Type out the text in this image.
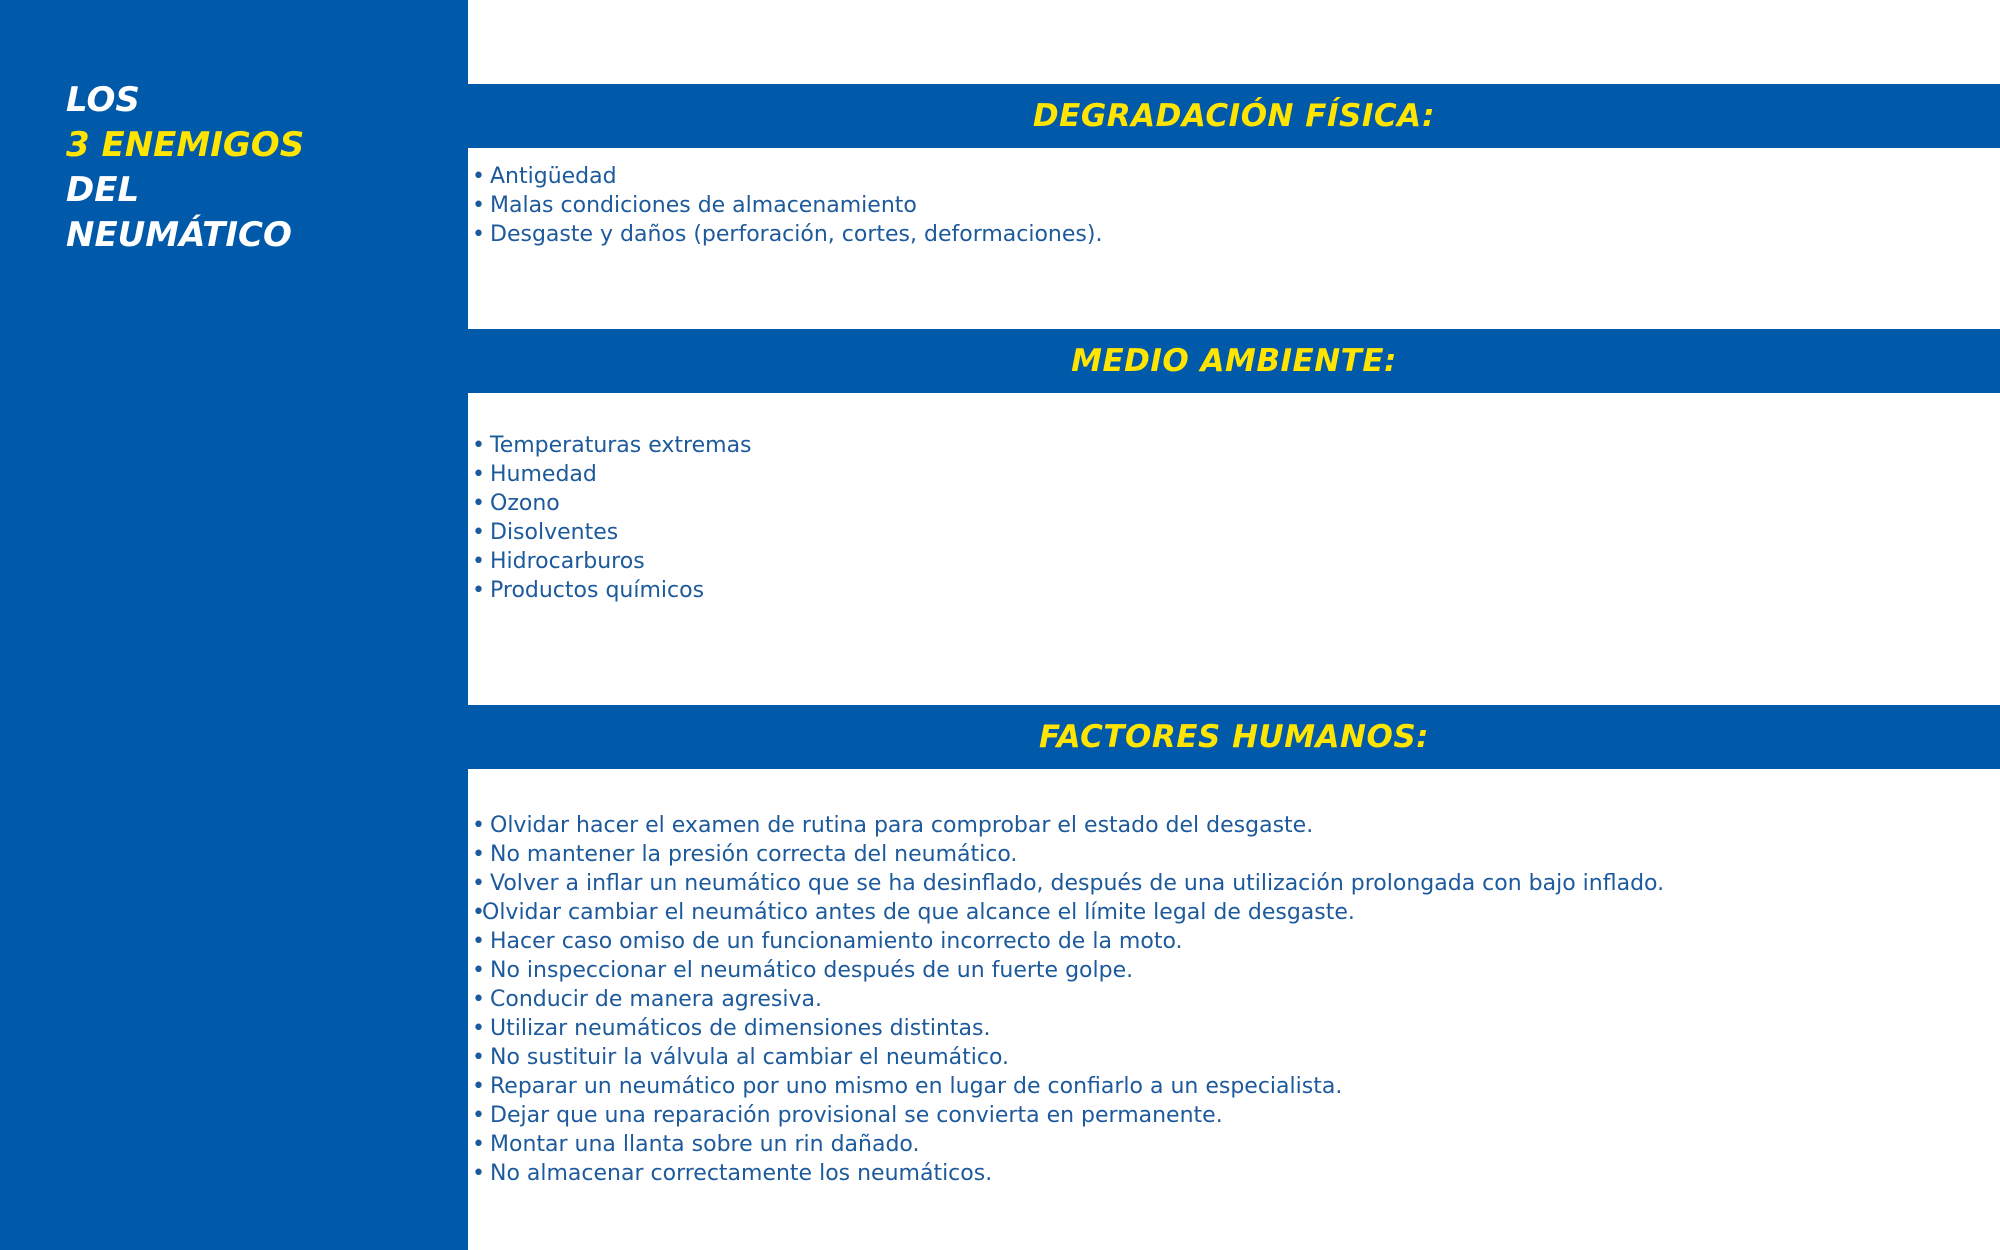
LOS
3 ENEMIGOS
DEL
NEUMÁTICO
DEGRADACIÓN FÍSICA:
• Antigüedad
• Malas condiciones de almacenamiento
• Desgaste y daños (perforación, cortes, deformaciones).
MEDIO AMBIENTE:
• Temperaturas extremas
• Humedad
• Ozono
• Disolventes
• Hidrocarburos
• Productos químicos
FACTORES HUMANOS:
• Olvidar hacer el examen de rutina para comprobar el estado del desgaste.
• No mantener la presión correcta del neumático.
• Volver a inflar un neumático que se ha desinflado, después de una utilización prolongada con bajo inflado.
•Olvidar cambiar el neumático antes de que alcance el límite legal de desgaste.
• Hacer caso omiso de un funcionamiento incorrecto de la moto.
• No inspeccionar el neumático después de un fuerte golpe.
• Conducir de manera agresiva.
• Utilizar neumáticos de dimensiones distintas.
• No sustituir la válvula al cambiar el neumático.
• Reparar un neumático por uno mismo en lugar de confiarlo a un especialista.
• Dejar que una reparación provisional se convierta en permanente.
• Montar una llanta sobre un rin dañado.
• No almacenar correctamente los neumáticos.
